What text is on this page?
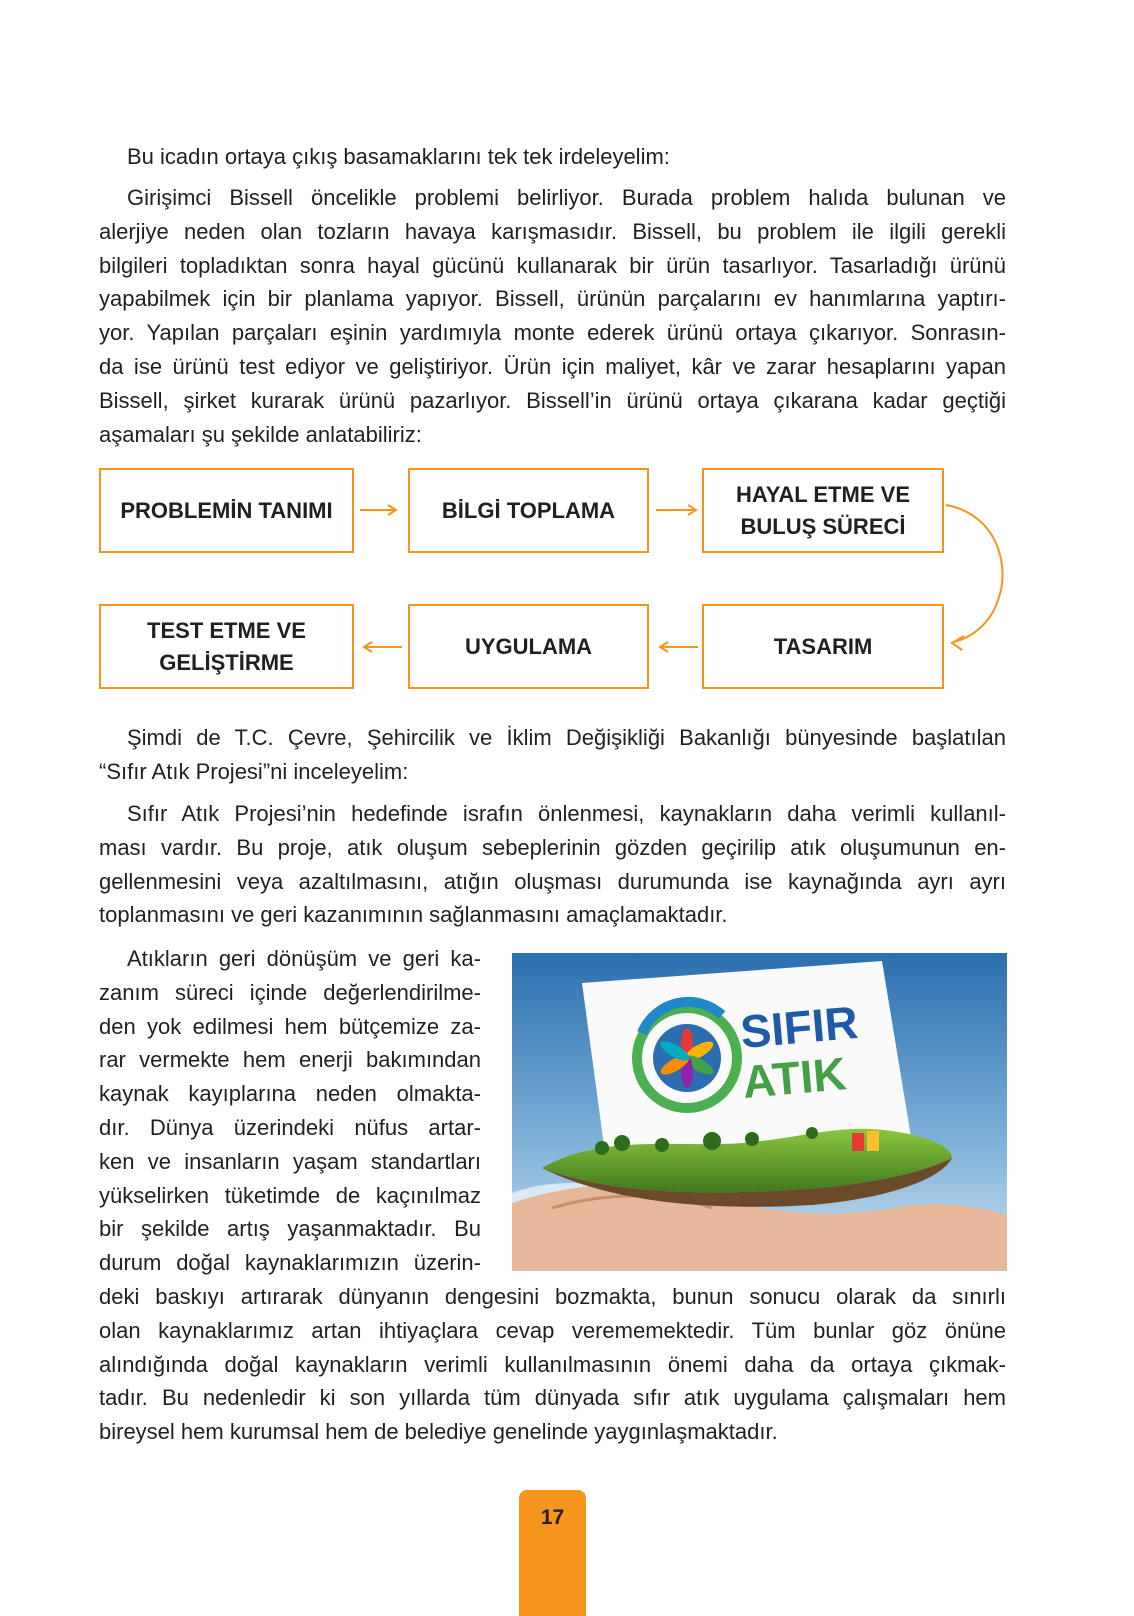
Bu icadın ortaya çıkış basamaklarını tek tek irdeleyelim:
Girişimci Bissell öncelikle problemi belirliyor. Burada problem halıda bulunan ve
alerjiye neden olan tozların havaya karışmasıdır. Bissell, bu problem ile ilgili gerekli
bilgileri topladıktan sonra hayal gücünü kullanarak bir ürün tasarlıyor. Tasarladığı ürünü
yapabilmek için bir planlama yapıyor. Bissell, ürünün parçalarını ev hanımlarına yaptırı-
yor. Yapılan parçaları eşinin yardımıyla monte ederek ürünü ortaya çıkarıyor. Sonrasın-
da ise ürünü test ediyor ve geliştiriyor. Ürün için maliyet, kâr ve zarar hesaplarını yapan
Bissell, şirket kurarak ürünü pazarlıyor. Bissell’in ürünü ortaya çıkarana kadar geçtiği
aşamaları şu şekilde anlatabiliriz:
PROBLEMİN TANIMI	BİLGİ TOPLAMA
HAYAL ETME VE
BULUŞ SÜRECİ
TASARIM
UYGULAMA
TEST ETME VE
GELİŞTİRME
Şimdi de T.C. Çevre, Şehircilik ve İklim Değişikliği Bakanlığı bünyesinde başlatılan
“Sıfır Atık Projesi”ni inceleyelim:
Sıfır Atık Projesi’nin hedefinde israfın önlenmesi, kaynakların daha verimli kullanıl-
ması vardır. Bu proje, atık oluşum sebeplerinin gözden geçirilip atık oluşumunun en-
gellenmesini veya azaltılmasını, atığın oluşması durumunda ise kaynağında ayrı ayrı
toplanmasını ve geri kazanımının sağlanmasını amaçlamaktadır.
Atıkların geri dönüşüm ve geri ka-
zanım süreci içinde değerlendirilme-
den yok edilmesi hem bütçemize za-
rar vermekte hem enerji bakımından
kaynak kayıplarına neden olmakta-
dır. Dünya üzerindeki nüfus artar-
ken ve insanların yaşam standartları
yükselirken tüketimde de kaçınılmaz
bir şekilde artış yaşanmaktadır. Bu
durum doğal kaynaklarımızın üzerin-
deki baskıyı artırarak dünyanın dengesini bozmakta, bunun sonucu olarak da sınırlı
olan kaynaklarımız artan ihtiyaçlara cevap verememektedir. Tüm bunlar göz önüne
alındığında doğal kaynakların verimli kullanılmasının önemi daha da ortaya çıkmak-
tadır. Bu nedenledir ki son yıllarda tüm dünyada sıfır atık uygulama çalışmaları hem
bireysel hem kurumsal hem de belediye genelinde yaygınlaşmaktadır.
SIFIR
ATIK
17
